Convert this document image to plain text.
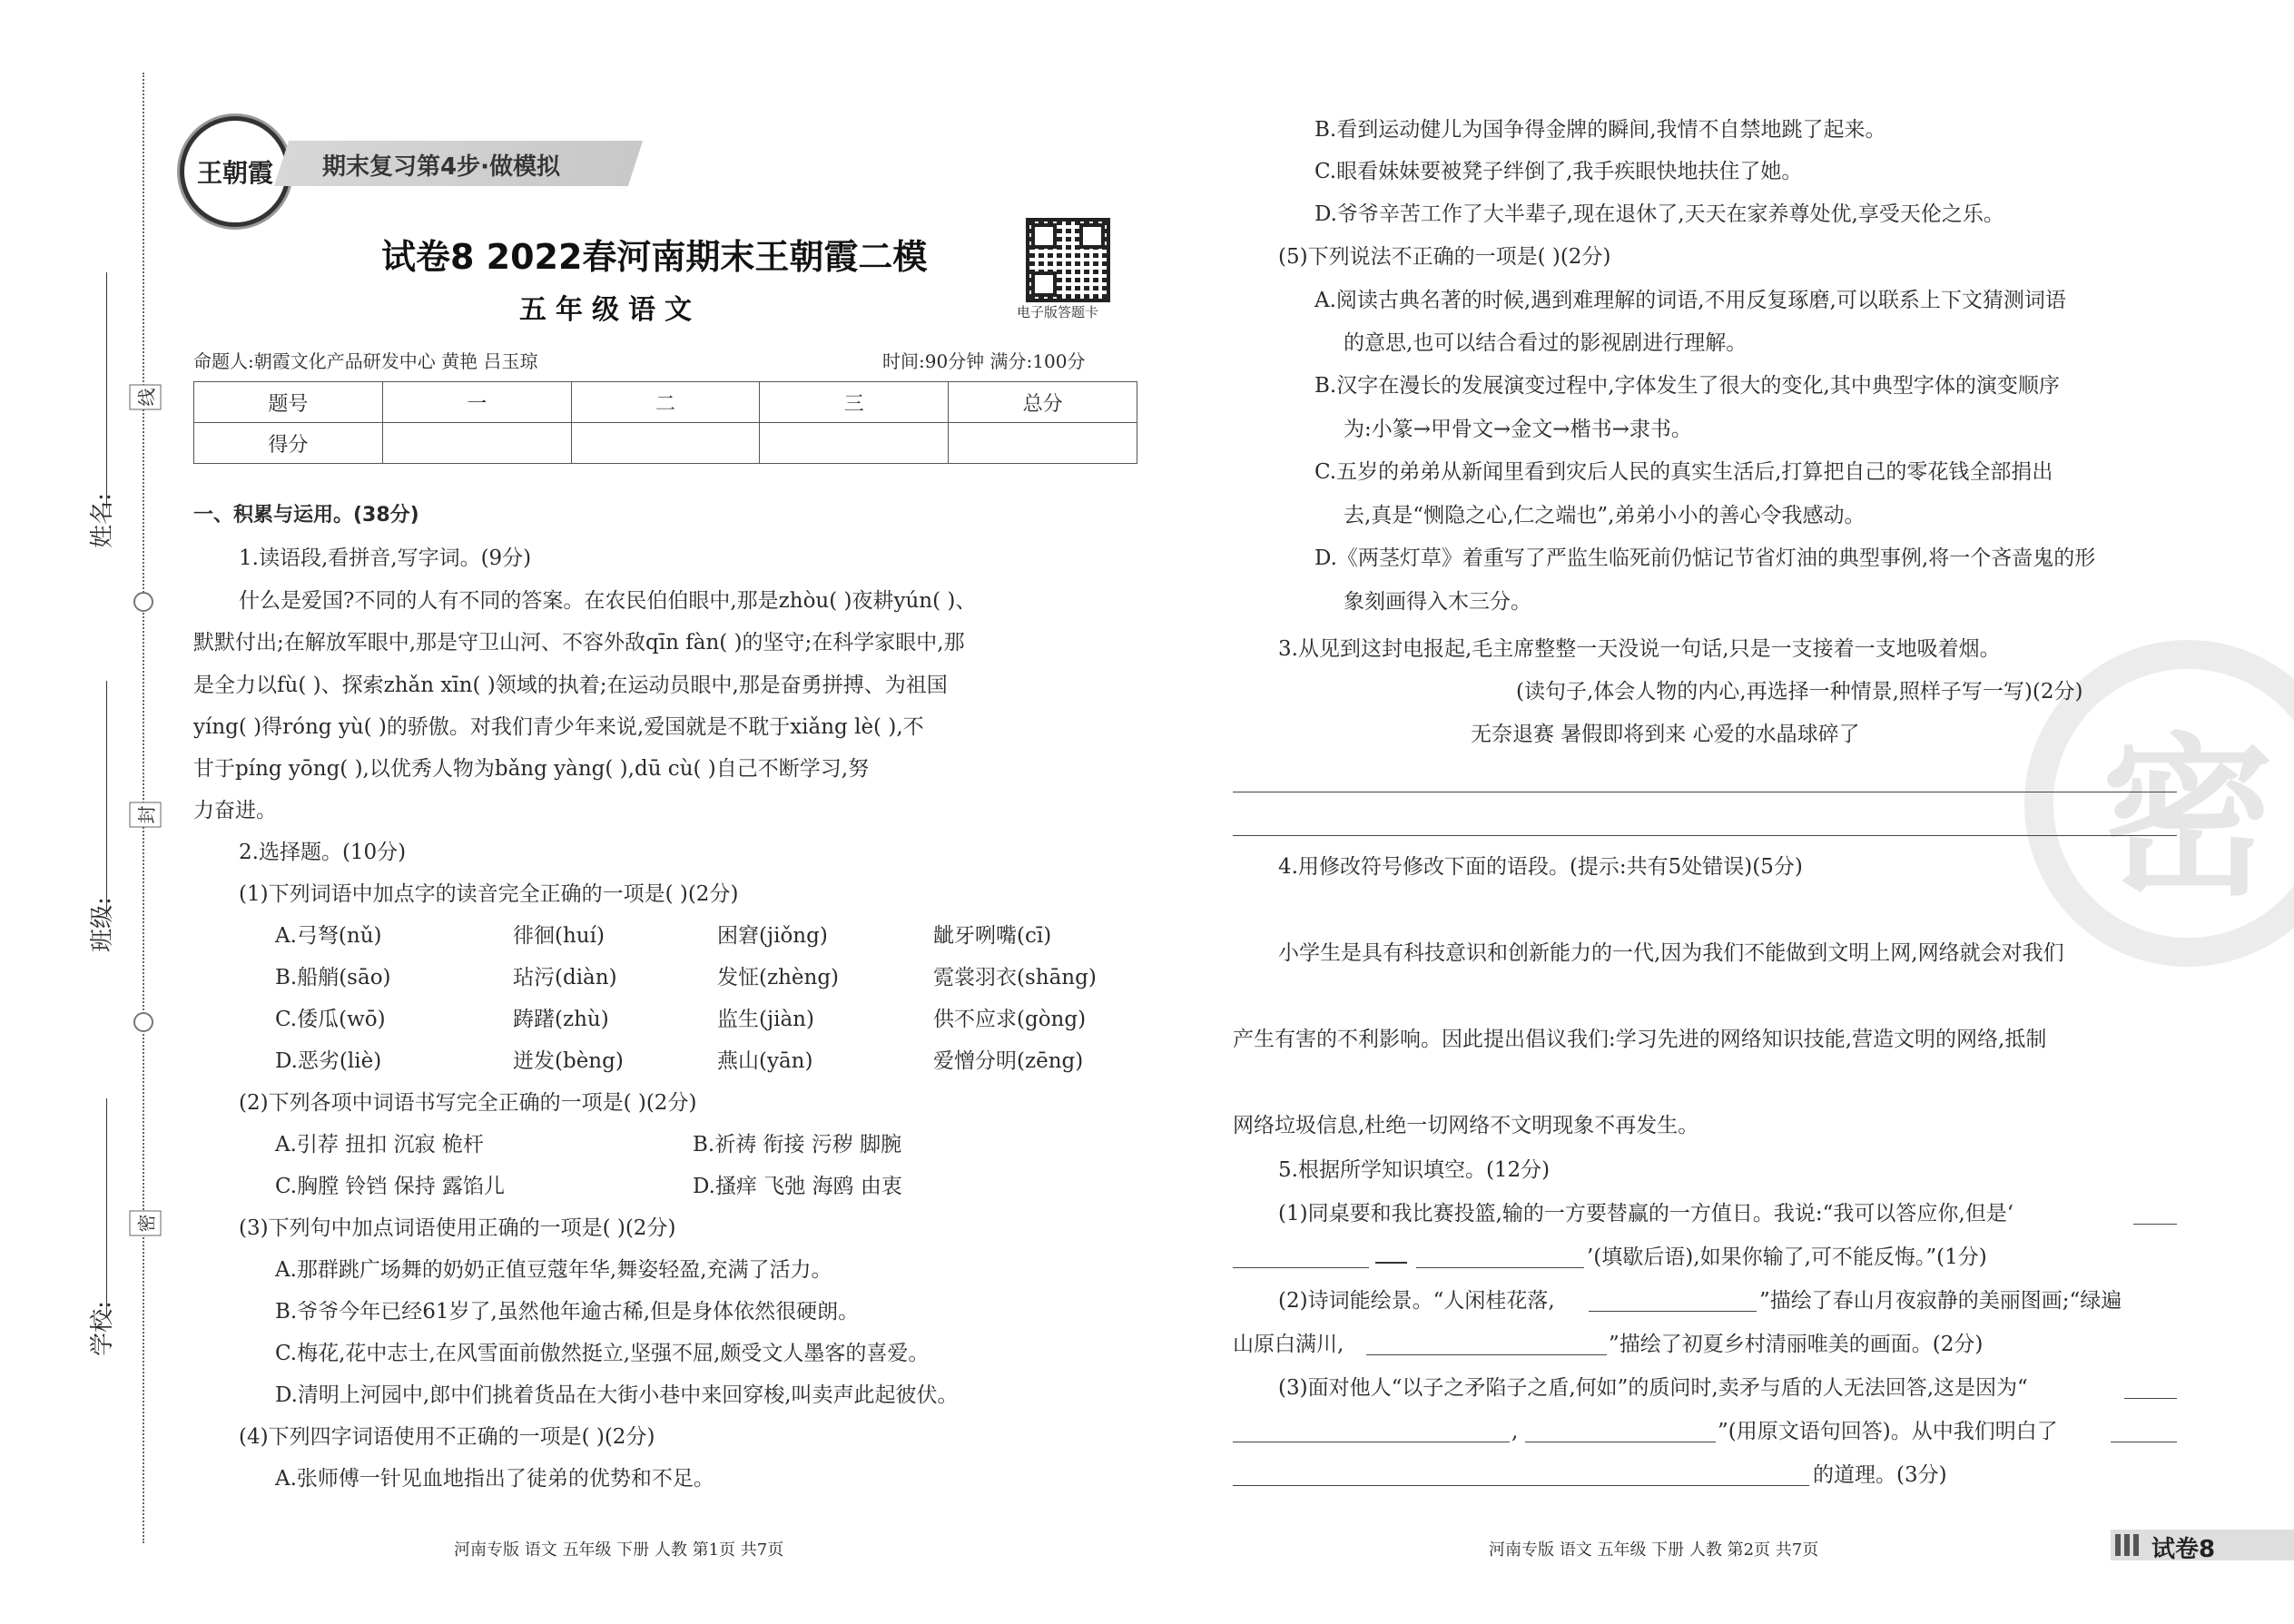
线
封
密
学校:
班级:
姓名:
王朝霞 期末复习第4步·做模拟
试卷8 2022春河南期末王朝霞二模
五年级语文	电子版答题卡
命题人:朝霞文化产品研发中心 黄艳 吕玉琼	时间:90分钟 满分:100分
题号	一	二	三	总分
得分				
一、积累与运用。(38分)
1.读语段,看拼音,写字词。(9分)
什么是爱国?不同的人有不同的答案。在农民伯伯眼中,那是zhòu( )夜耕yún( )、
默默付出;在解放军眼中,那是守卫山河、不容外敌qīn fàn( )的坚守;在科学家眼中,那
是全力以fù( )、探索zhǎn xīn( )领域的执着;在运动员眼中,那是奋勇拼搏、为祖国
yíng( )得róng yù( )的骄傲。对我们青少年来说,爱国就是不耽于xiǎng lè( ),不
甘于píng yōng( ),以优秀人物为bǎng yàng( ),dū cù( )自己不断学习,努
力奋进。
2.选择题。(10分)
(1)下列词语中加点字的读音完全正确的一项是( )(2分)
A.弓弩(nǔ)	徘徊(huí)	困窘(jiǒng)	龇牙咧嘴(cī)
B.船艄(sāo)	玷污(diàn)	发怔(zhèng)	霓裳羽衣(shāng)
C.倭瓜(wō)	踌躇(zhù)	监生(jiàn)	供不应求(gòng)
D.恶劣(liè)	迸发(bèng)	燕山(yān)	爱憎分明(zēng)
(2)下列各项中词语书写完全正确的一项是( )(2分)
A.引荐 扭扣 沉寂 桅杆	B.祈祷 衔接 污秽 脚腕
C.胸膛 铃铛 保持 露馅儿	D.搔痒 飞弛 海鸥 由衷
(3)下列句中加点词语使用正确的一项是( )(2分)
A.那群跳广场舞的奶奶正值豆蔻年华,舞姿轻盈,充满了活力。
B.爷爷今年已经61岁了,虽然他年逾古稀,但是身体依然很硬朗。
C.梅花,花中志士,在风雪面前傲然挺立,坚强不屈,颇受文人墨客的喜爱。
D.清明上河园中,郎中们挑着货品在大街小巷中来回穿梭,叫卖声此起彼伏。
(4)下列四字词语使用不正确的一项是( )(2分)
A.张师傅一针见血地指出了徒弟的优势和不足。
河南专版 语文 五年级 下册 人教 第1页 共7页
密
B.看到运动健儿为国争得金牌的瞬间,我情不自禁地跳了起来。
C.眼看妹妹要被凳子绊倒了,我手疾眼快地扶住了她。
D.爷爷辛苦工作了大半辈子,现在退休了,天天在家养尊处优,享受天伦之乐。
(5)下列说法不正确的一项是( )(2分)
A.阅读古典名著的时候,遇到难理解的词语,不用反复琢磨,可以联系上下文猜测词语
的意思,也可以结合看过的影视剧进行理解。
B.汉字在漫长的发展演变过程中,字体发生了很大的变化,其中典型字体的演变顺序
为:小篆→甲骨文→金文→楷书→隶书。
C.五岁的弟弟从新闻里看到灾后人民的真实生活后,打算把自己的零花钱全部捐出
去,真是“恻隐之心,仁之端也”,弟弟小小的善心令我感动。
D.《两茎灯草》着重写了严监生临死前仍惦记节省灯油的典型事例,将一个吝啬鬼的形
象刻画得入木三分。
3.从见到这封电报起,毛主席整整一天没说一句话,只是一支接着一支地吸着烟。
(读句子,体会人物的内心,再选择一种情景,照样子写一写)(2分)
无奈退赛 暑假即将到来 心爱的水晶球碎了
4.用修改符号修改下面的语段。(提示:共有5处错误)(5分)
小学生是具有科技意识和创新能力的一代,因为我们不能做到文明上网,网络就会对我们
产生有害的不利影响。因此提出倡议我们:学习先进的网络知识技能,营造文明的网络,抵制
网络垃圾信息,杜绝一切网络不文明现象不再发生。
5.根据所学知识填空。(12分)
(1)同桌要和我比赛投篮,输的一方要替赢的一方值日。我说:“我可以答应你,但是‘
’(填歇后语),如果你输了,可不能反悔。”(1分)
(2)诗词能绘景。“人闲桂花落,	”描绘了春山月夜寂静的美丽图画;“绿遍
山原白满川,	”描绘了初夏乡村清丽唯美的画面。(2分)
(3)面对他人“以子之矛陷子之盾,何如”的质问时,卖矛与盾的人无法回答,这是因为“
,	”(用原文语句回答)。从中我们明白了
的道理。(3分)
河南专版 语文 五年级 下册 人教 第2页 共7页	试卷8
